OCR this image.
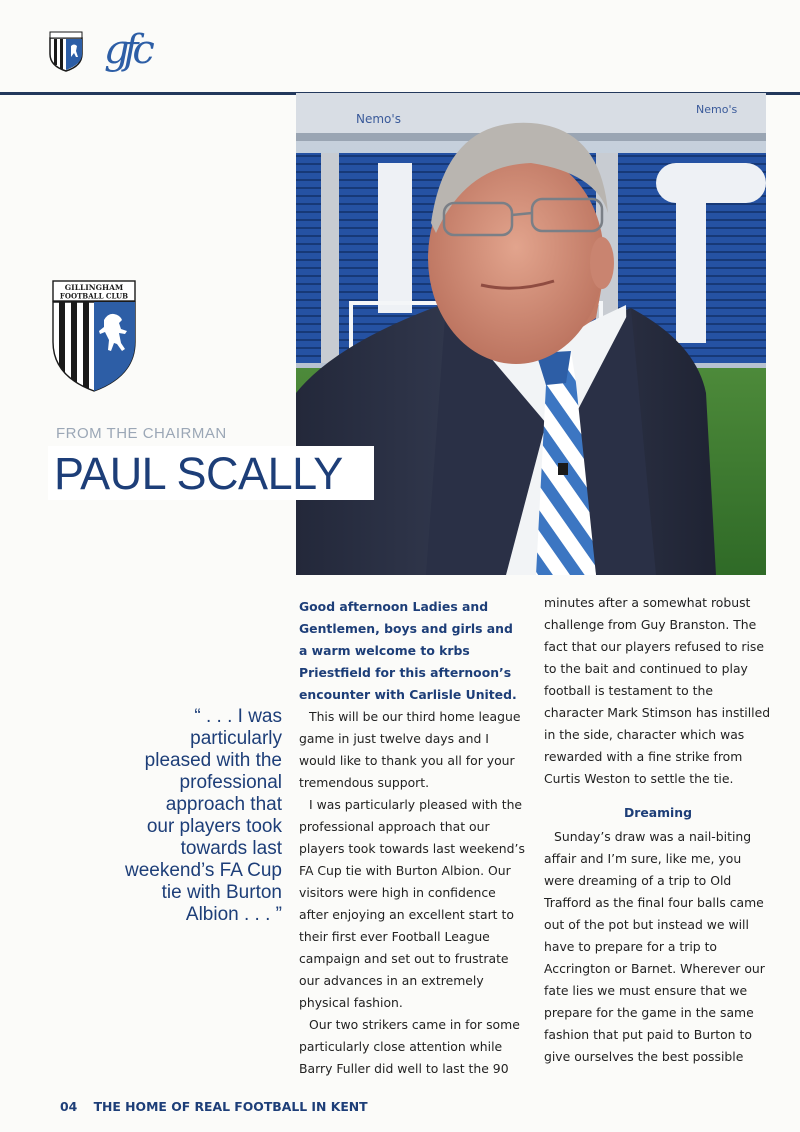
gfc
Nemo's
Nemo's
GILLINGHAM
FOOTBALL CLUB
FROM THE CHAIRMAN
PAUL SCALLY
“ . . . I was
particularly
pleased with the
professional
approach that
our players took
towards last
weekend’s FA Cup
tie with Burton
Albion . . . ”

Good afternoon Ladies and Gentlemen, boys and girls and a warm welcome to krbs Priestfield for this afternoon’s encounter with Carlisle United.

This will be our third home league game in just twelve days and I would like to thank you all for your tremendous support.

I was particularly pleased with the professional approach that our players took towards last weekend’s FA Cup tie with Burton Albion. Our visitors were high in confidence after enjoying an excellent start to their first ever Football League campaign and set out to frustrate our advances in an extremely physical fashion.

Our two strikers came in for some particularly close attention while Barry Fuller did well to last the 90

minutes after a somewhat robust challenge from Guy Branston. The fact that our players refused to rise to the bait and continued to play football is testament to the character Mark Stimson has instilled in the side, character which was rewarded with a fine strike from Curtis Weston to settle the tie.

Dreaming

Sunday’s draw was a nail-biting affair and I’m sure, like me, you were dreaming of a trip to Old Trafford as the final four balls came out of the pot but instead we will have to prepare for a trip to Accrington or Barnet. Wherever our fate lies we must ensure that we prepare for the game in the same fashion that put paid to Burton to give ourselves the best possible

04 THE HOME OF REAL FOOTBALL IN KENT
